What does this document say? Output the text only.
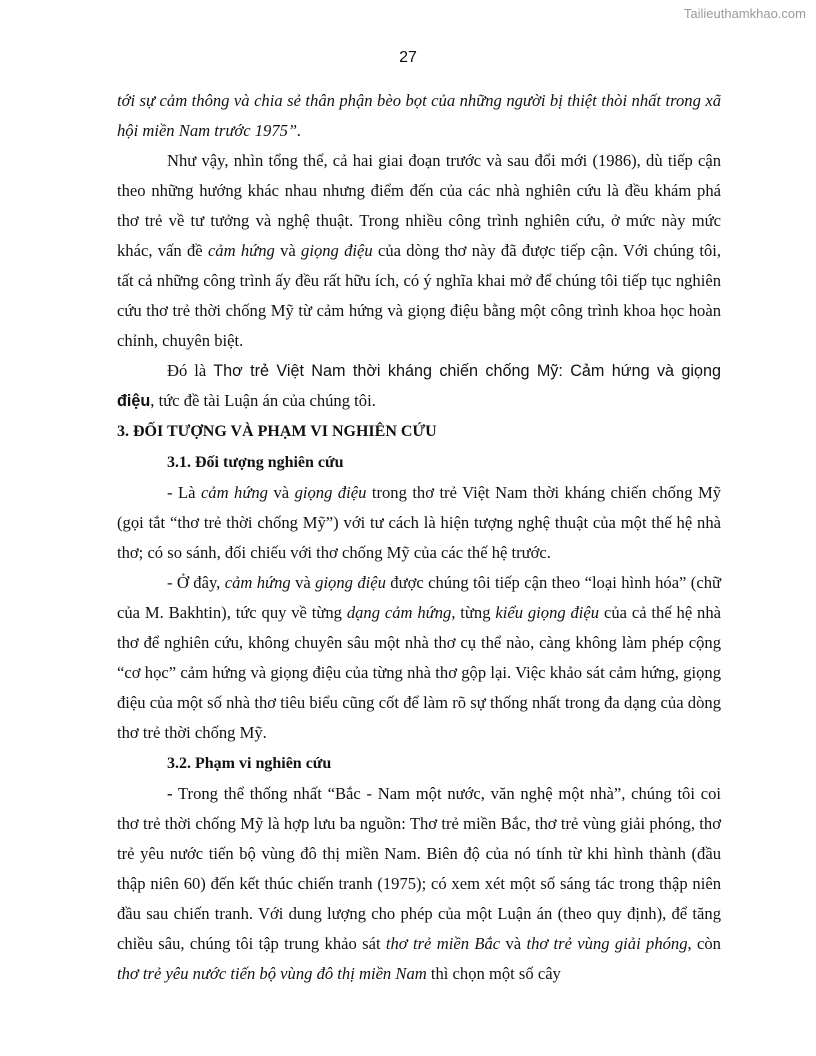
Tailieuthamkhao.com
27

tới sự cảm thông và chia sẻ thân phận bèo bọt của những người bị thiệt thòi nhất trong xã hội miền Nam trước 1975”.

Như vậy, nhìn tổng thể, cả hai giai đoạn trước và sau đổi mới (1986), dù tiếp cận theo những hướng khác nhau nhưng điểm đến của các nhà nghiên cứu là đều khám phá thơ trẻ về tư tưởng và nghệ thuật. Trong nhiều công trình nghiên cứu, ở mức này mức khác, vấn đề cảm hứng và giọng điệu của dòng thơ này đã được tiếp cận. Với chúng tôi, tất cả những công trình ấy đều rất hữu ích, có ý nghĩa khai mở để chúng tôi tiếp tục nghiên cứu thơ trẻ thời chống Mỹ từ cảm hứng và giọng điệu bằng một công trình khoa học hoàn chỉnh, chuyên biệt.

Đó là Thơ trẻ Việt Nam thời kháng chiến chống Mỹ: Cảm hứng và giọng điệu, tức đề tài Luận án của chúng tôi.

3. ĐỐI TƯỢNG VÀ PHẠM VI NGHIÊN CỨU
3.1. Đối tượng nghiên cứu

- Là cảm hứng và giọng điệu trong thơ trẻ Việt Nam thời kháng chiến chống Mỹ (gọi tắt “thơ trẻ thời chống Mỹ”) với tư cách là hiện tượng nghệ thuật của một thế hệ nhà thơ; có so sánh, đối chiếu với thơ chống Mỹ của các thế hệ trước.

- Ở đây, cảm hứng và giọng điệu được chúng tôi tiếp cận theo “loại hình hóa” (chữ của M. Bakhtin), tức quy về từng dạng cảm hứng, từng kiểu giọng điệu của cả thế hệ nhà thơ để nghiên cứu, không chuyên sâu một nhà thơ cụ thể nào, càng không làm phép cộng “cơ học” cảm hứng và giọng điệu của từng nhà thơ gộp lại. Việc khảo sát cảm hứng, giọng điệu của một số nhà thơ tiêu biểu cũng cốt để làm rõ sự thống nhất trong đa dạng của dòng thơ trẻ thời chống Mỹ.

3.2. Phạm vi nghiên cứu

- Trong thể thống nhất “Bắc - Nam một nước, văn nghệ một nhà”, chúng tôi coi thơ trẻ thời chống Mỹ là hợp lưu ba nguồn: Thơ trẻ miền Bắc, thơ trẻ vùng giải phóng, thơ trẻ yêu nước tiến bộ vùng đô thị miền Nam. Biên độ của nó tính từ khi hình thành (đầu thập niên 60) đến kết thúc chiến tranh (1975); có xem xét một số sáng tác trong thập niên đầu sau chiến tranh. Với dung lượng cho phép của một Luận án (theo quy định), để tăng chiều sâu, chúng tôi tập trung khảo sát thơ trẻ miền Bắc và thơ trẻ vùng giải phóng, còn thơ trẻ yêu nước tiến bộ vùng đô thị miền Nam thì chọn một số cây
